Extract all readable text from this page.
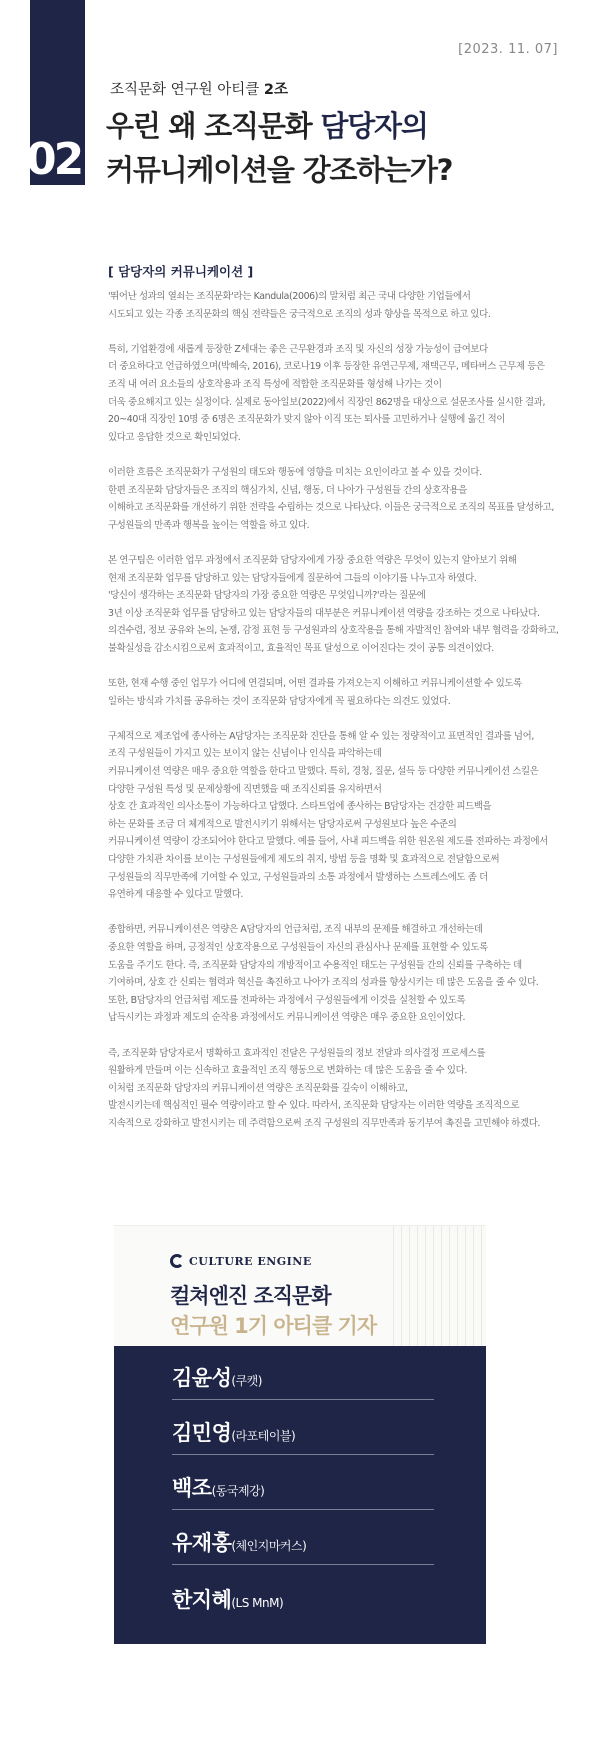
02
[2023. 11. 07]
조직문화 연구원 아티클 2조
우린 왜 조직문화 담당자의
커뮤니케이션을 강조하는가?
[ 담당자의 커뮤니케이션 ]

'뛰어난 성과의 열쇠는 조직문화'라는 Kandula(2006)의 말처럼 최근 국내 다양한 기업들에서
시도되고 있는 각종 조직문화의 핵심 전략들은 궁극적으로 조직의 성과 향상을 목적으로 하고 있다.

특히, 기업환경에 새롭게 등장한 Z세대는 좋은 근무환경과 조직 및 자신의 성장 가능성이 급여보다
더 중요하다고 언급하였으며(박혜숙, 2016), 코로나19 이후 등장한 유연근무제, 재택근무, 메타버스 근무제 등은
조직 내 여러 요소들의 상호작용과 조직 특성에 적합한 조직문화를 형성해 나가는 것이
더욱 중요해지고 있는 실정이다. 실제로 동아일보(2022)에서 직장인 862명을 대상으로 설문조사를 실시한 결과,
20~40대 직장인 10명 중 6명은 조직문화가 맞지 않아 이직 또는 퇴사를 고민하거나 실행에 옮긴 적이
있다고 응답한 것으로 확인되었다.

이러한 흐름은 조직문화가 구성원의 태도와 행동에 영향을 미치는 요인이라고 볼 수 있을 것이다.
한편 조직문화 담당자들은 조직의 핵심가치, 신념, 행동, 더 나아가 구성원들 간의 상호작용을
이해하고 조직문화를 개선하기 위한 전략을 수립하는 것으로 나타났다. 이들은 궁극적으로 조직의 목표를 달성하고,
구성원들의 만족과 행복을 높이는 역할을 하고 있다.

본 연구팀은 이러한 업무 과정에서 조직문화 담당자에게 가장 중요한 역량은 무엇이 있는지 알아보기 위해
현재 조직문화 업무를 담당하고 있는 담당자들에게 질문하여 그들의 이야기를 나누고자 하였다.
'당신이 생각하는 조직문화 담당자의 가장 중요한 역량은 무엇입니까?'라는 질문에
3년 이상 조직문화 업무를 담당하고 있는 담당자들의 대부분은 커뮤니케이션 역량을 강조하는 것으로 나타났다.
의견수렴, 정보 공유와 논의, 논쟁, 감정 표현 등 구성원과의 상호작용을 통해 자발적인 참여와 내부 협력을 강화하고,
불확실성을 감소시킴으로써 효과적이고, 효율적인 목표 달성으로 이어진다는 것이 공통 의견이었다.

또한, 현재 수행 중인 업무가 어디에 연결되며, 어떤 결과를 가져오는지 이해하고 커뮤니케이션할 수 있도록
일하는 방식과 가치를 공유하는 것이 조직문화 담당자에게 꼭 필요하다는 의견도 있었다.

구체적으로 제조업에 종사하는 A담당자는 조직문화 진단을 통해 알 수 있는 정량적이고 표면적인 결과를 넘어,
조직 구성원들이 가지고 있는 보이지 않는 신념이나 인식을 파악하는데
커뮤니케이션 역량은 매우 중요한 역할을 한다고 말했다. 특히, 경청, 질문, 설득 등 다양한 커뮤니케이션 스킬은
다양한 구성원 특성 및 문제상황에 직면했을 때 조직신뢰를 유지하면서
상호 간 효과적인 의사소통이 가능하다고 답했다. 스타트업에 종사하는 B담당자는 건강한 피드백을
하는 문화를 조금 더 체계적으로 발전시키기 위해서는 담당자로써 구성원보다 높은 수준의
커뮤니케이션 역량이 강조되어야 한다고 말했다. 예를 들어, 사내 피드백을 위한 원온원 제도를 전파하는 과정에서
다양한 가치관 차이를 보이는 구성원들에게 제도의 취지, 방법 등을 명확 및 효과적으로 전달함으로써
구성원들의 직무만족에 기여할 수 있고, 구성원들과의 소통 과정에서 발생하는 스트레스에도 좀 더
유연하게 대응할 수 있다고 말했다.

종합하면, 커뮤니케이션은 역량은 A담당자의 언급처럼, 조직 내부의 문제를 해결하고 개선하는데
중요한 역할을 하며, 긍정적인 상호작용으로 구성원들이 자신의 관심사나 문제를 표현할 수 있도록
도움을 주기도 한다. 즉, 조직문화 담당자의 개방적이고 수용적인 태도는 구성원들 간의 신뢰를 구축하는 데
기여하며, 상호 간 신뢰는 협력과 혁신을 촉진하고 나아가 조직의 성과를 향상시키는 데 많은 도움을 줄 수 있다.
또한, B담당자의 언급처럼 제도를 전파하는 과정에서 구성원들에게 이것을 실천할 수 있도록
납득시키는 과정과 제도의 순작용 과정에서도 커뮤니케이션 역량은 매우 중요한 요인이었다.

즉, 조직문화 담당자로서 명확하고 효과적인 전달은 구성원들의 정보 전달과 의사결정 프로세스를
원활하게 만들며 이는 신속하고 효율적인 조직 행동으로 변화하는 데 많은 도움을 줄 수 있다.
이처럼 조직문화 담당자의 커뮤니케이션 역량은 조직문화를 깊숙이 이해하고,
발전시키는데 핵심적인 필수 역량이라고 할 수 있다. 따라서, 조직문화 담당자는 이러한 역량을 조직적으로
지속적으로 강화하고 발전시키는 데 주력함으로써 조직 구성원의 직무만족과 동기부여 촉진을 고민해야 하겠다.

CULTURE ENGINE
컬쳐엔진 조직문화
연구원 1기 아티클 기자
김윤성(쿠캣)
김민영(라포테이블)
백조(동국제강)
유재홍(체인지마커스)
한지혜(LS MnM)
